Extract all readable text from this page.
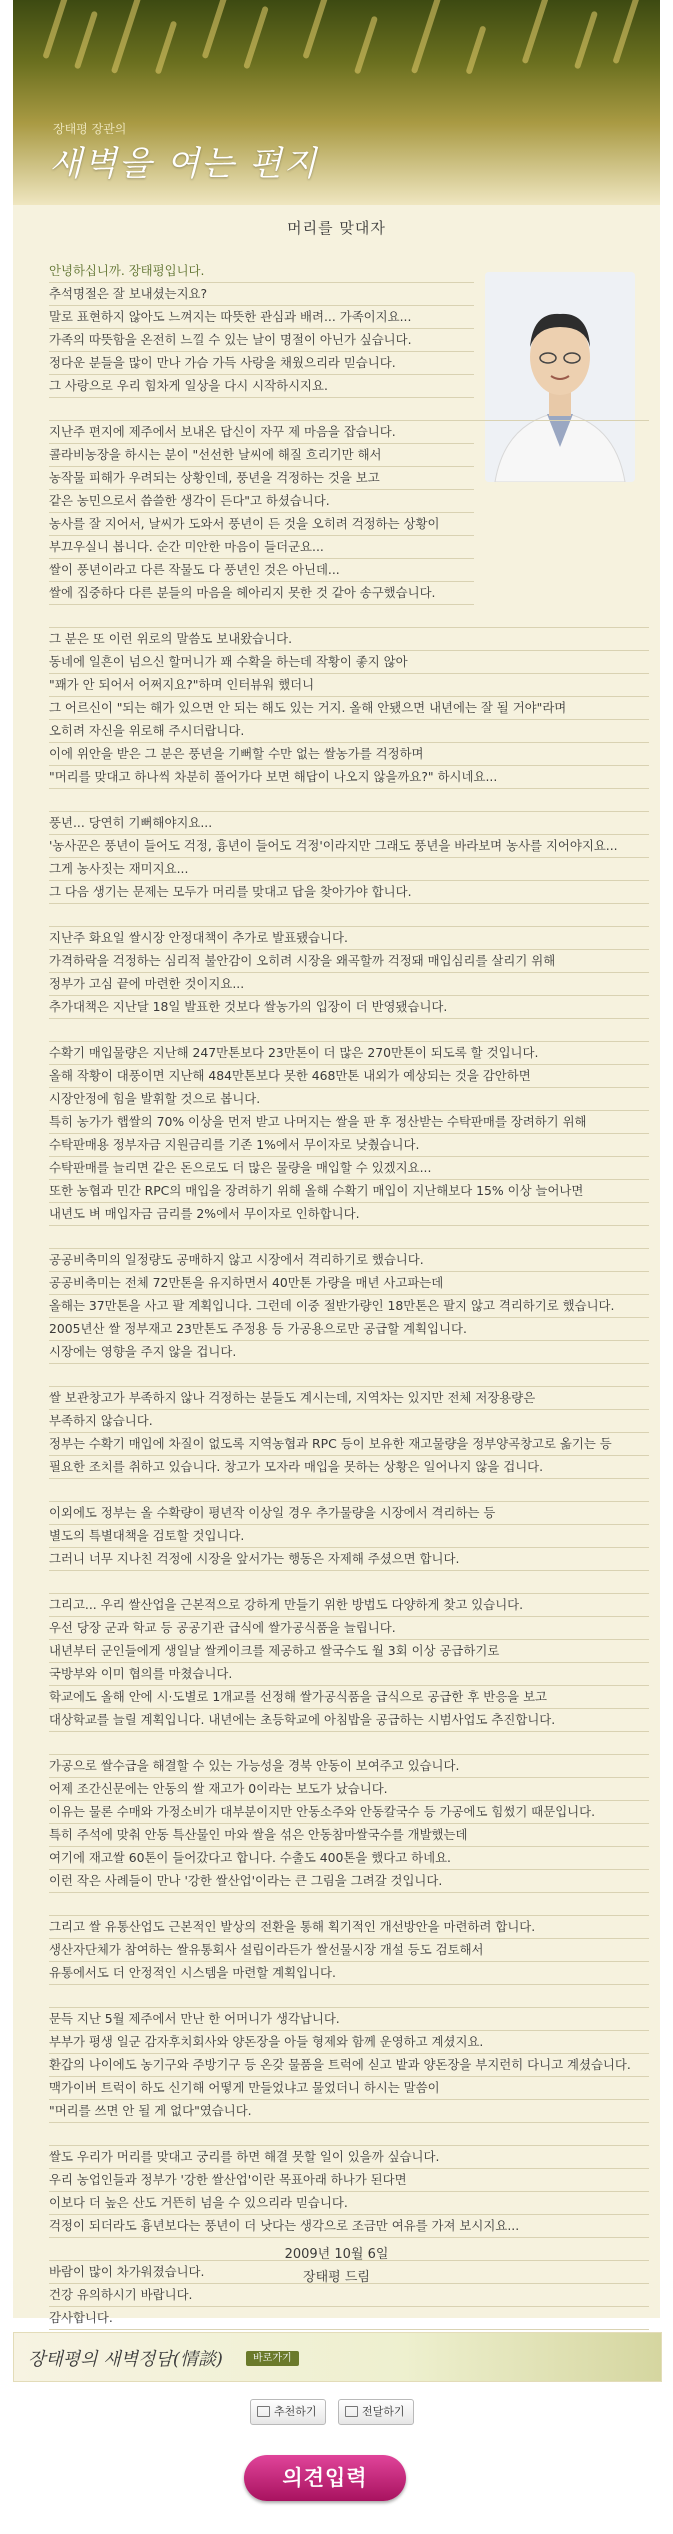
장태평 장관의
새벽을 여는 편지
머리를 맞대자
안녕하십니까. 장태평입니다.
추석명절은 잘 보내셨는지요?
말로 표현하지 않아도 느껴지는 따뜻한 관심과 배려... 가족이지요...
가족의 따뜻함을 온전히 느낄 수 있는 날이 명절이 아닌가 싶습니다.
정다운 분들을 많이 만나 가슴 가득 사랑을 채웠으리라 믿습니다.
그 사랑으로 우리 힘차게 일상을 다시 시작하시지요.
지난주 편지에 제주에서 보내온 답신이 자꾸 제 마음을 잡습니다.
콜라비농장을 하시는 분이 "선선한 날씨에 해질 흐리기만 해서
농작물 피해가 우려되는 상황인데, 풍년을 걱정하는 것을 보고
같은 농민으로서 씁쓸한 생각이 든다"고 하셨습니다.
농사를 잘 지어서, 날씨가 도와서 풍년이 든 것을 오히려 걱정하는 상황이
부끄우실니 봅니다. 순간 미안한 마음이 들더군요...
쌀이 풍년이라고 다른 작물도 다 풍년인 것은 아닌데...
쌀에 집중하다 다른 분들의 마음을 헤아리지 못한 것 같아 송구했습니다.
그 분은 또 이런 위로의 말씀도 보내왔습니다.
동네에 일흔이 넘으신 할머니가 꽤 수확을 하는데 작황이 좋지 않아
"꽤가 안 되어서 어쩌지요?"하며 인터뷰워 했더니
그 어르신이 "되는 해가 있으면 안 되는 해도 있는 거지. 올해 안됐으면 내년에는 잘 될 거야"라며
오히려 자신을 위로해 주시더랍니다.
이에 위안을 받은 그 분은 풍년을 기뻐할 수만 없는 쌀농가를 걱정하며
"머리를 맞대고 하나씩 차분히 풀어가다 보면 해답이 나오지 않을까요?" 하시네요...
풍년... 당연히 기뻐해야지요...
'농사꾼은 풍년이 들어도 걱정, 흉년이 들어도 걱정'이라지만 그래도 풍년을 바라보며 농사를 지어야지요...
그게 농사짓는 재미지요...
그 다음 생기는 문제는 모두가 머리를 맞대고 답을 찾아가야 합니다.
지난주 화요일 쌀시장 안정대책이 추가로 발표됐습니다.
가격하락을 걱정하는 심리적 불안감이 오히려 시장을 왜곡할까 걱정돼 매입심리를 살리기 위해
정부가 고심 끝에 마련한 것이지요...
추가대책은 지난달 18일 발표한 것보다 쌀농가의 입장이 더 반영됐습니다.
수확기 매입물량은 지난해 247만톤보다 23만톤이 더 많은 270만톤이 되도록 할 것입니다.
올해 작황이 대풍이면 지난해 484만톤보다 못한 468만톤 내외가 예상되는 것을 감안하면
시장안정에 힘을 발휘할 것으로 봅니다.
특히 농가가 햅쌀의 70% 이상을 먼저 받고 나머지는 쌀을 판 후 정산받는 수탁판매를 장려하기 위해
수탁판매용 정부자금 지원금리를 기존 1%에서 무이자로 낮췄습니다.
수탁판매를 늘리면 같은 돈으로도 더 많은 물량을 매입할 수 있겠지요...
또한 농협과 민간 RPC의 매입을 장려하기 위해 올해 수확기 매입이 지난해보다 15% 이상 늘어나면
내년도 벼 매입자금 금리를 2%에서 무이자로 인하합니다.
공공비축미의 일정량도 공매하지 않고 시장에서 격리하기로 했습니다.
공공비축미는 전체 72만톤을 유지하면서 40만톤 가량을 매년 사고파는데
올해는 37만톤을 사고 팔 계획입니다. 그런데 이중 절반가량인 18만톤은 팔지 않고 격리하기로 했습니다.
2005년산 쌀 정부재고 23만톤도 주정용 등 가공용으로만 공급할 계획입니다.
시장에는 영향을 주지 않을 겁니다.
쌀 보관창고가 부족하지 않나 걱정하는 분들도 계시는데, 지역차는 있지만 전체 저장용량은
부족하지 않습니다.
정부는 수확기 매입에 차질이 없도록 지역농협과 RPC 등이 보유한 재고물량을 정부양곡창고로 옮기는 등
필요한 조치를 취하고 있습니다. 창고가 모자라 매입을 못하는 상황은 일어나지 않을 겁니다.
이외에도 정부는 올 수확량이 평년작 이상일 경우 추가물량을 시장에서 격리하는 등
별도의 특별대책을 검토할 것입니다.
그러니 너무 지나친 걱정에 시장을 앞서가는 행동은 자제해 주셨으면 합니다.
그리고... 우리 쌀산업을 근본적으로 강하게 만들기 위한 방법도 다양하게 찾고 있습니다.
우선 당장 군과 학교 등 공공기관 급식에 쌀가공식품을 늘립니다.
내년부터 군인들에게 생일날 쌀케이크를 제공하고 쌀국수도 월 3회 이상 공급하기로
국방부와 이미 협의를 마쳤습니다.
학교에도 올해 안에 시·도별로 1개교를 선정해 쌀가공식품을 급식으로 공급한 후 반응을 보고
대상학교를 늘릴 계획입니다. 내년에는 초등학교에 아침밥을 공급하는 시범사업도 추진합니다.
가공으로 쌀수급을 해결할 수 있는 가능성을 경북 안동이 보여주고 있습니다.
어제 조간신문에는 안동의 쌀 재고가 0이라는 보도가 났습니다.
이유는 물론 수매와 가정소비가 대부분이지만 안동소주와 안동칼국수 등 가공에도 힘썼기 때문입니다.
특히 주석에 맞춰 안동 특산물인 마와 쌀을 섞은 안동참마쌀국수를 개발했는데
여기에 재고쌀 60톤이 들어갔다고 합니다. 수출도 400톤을 했다고 하네요.
이런 작은 사례들이 만나 '강한 쌀산업'이라는 큰 그림을 그려갈 것입니다.
그리고 쌀 유통산업도 근본적인 발상의 전환을 통해 획기적인 개선방안을 마련하려 합니다.
생산자단체가 참여하는 쌀유통회사 설립이라든가 쌀선물시장 개설 등도 검토해서
유통에서도 더 안정적인 시스템을 마련할 계획입니다.
문득 지난 5월 제주에서 만난 한 어머니가 생각납니다.
부부가 평생 일군 감자후치회사와 양돈장을 아들 형제와 함께 운영하고 계셨지요.
환갑의 나이에도 농기구와 주방기구 등 온갖 물품을 트럭에 싣고 밭과 양돈장을 부지런히 다니고 계셨습니다.
맥가이버 트럭이 하도 신기해 어떻게 만들었냐고 물었더니 하시는 말씀이
"머리를 쓰면 안 될 게 없다"였습니다.
쌀도 우리가 머리를 맞대고 궁리를 하면 해결 못할 일이 있을까 싶습니다.
우리 농업인들과 정부가 '강한 쌀산업'이란 목표아래 하나가 된다면
이보다 더 높은 산도 거뜬히 넘을 수 있으리라 믿습니다.
걱정이 되더라도 흉년보다는 풍년이 더 낫다는 생각으로 조금만 여유를 가져 보시지요...
바람이 많이 차가워졌습니다.
건강 유의하시기 바랍니다.
감사합니다.
2009년 10월 6일
장태평 드림
장태평의 새벽정담(情談)	바로가기
추천하기	전달하기
의견입력
